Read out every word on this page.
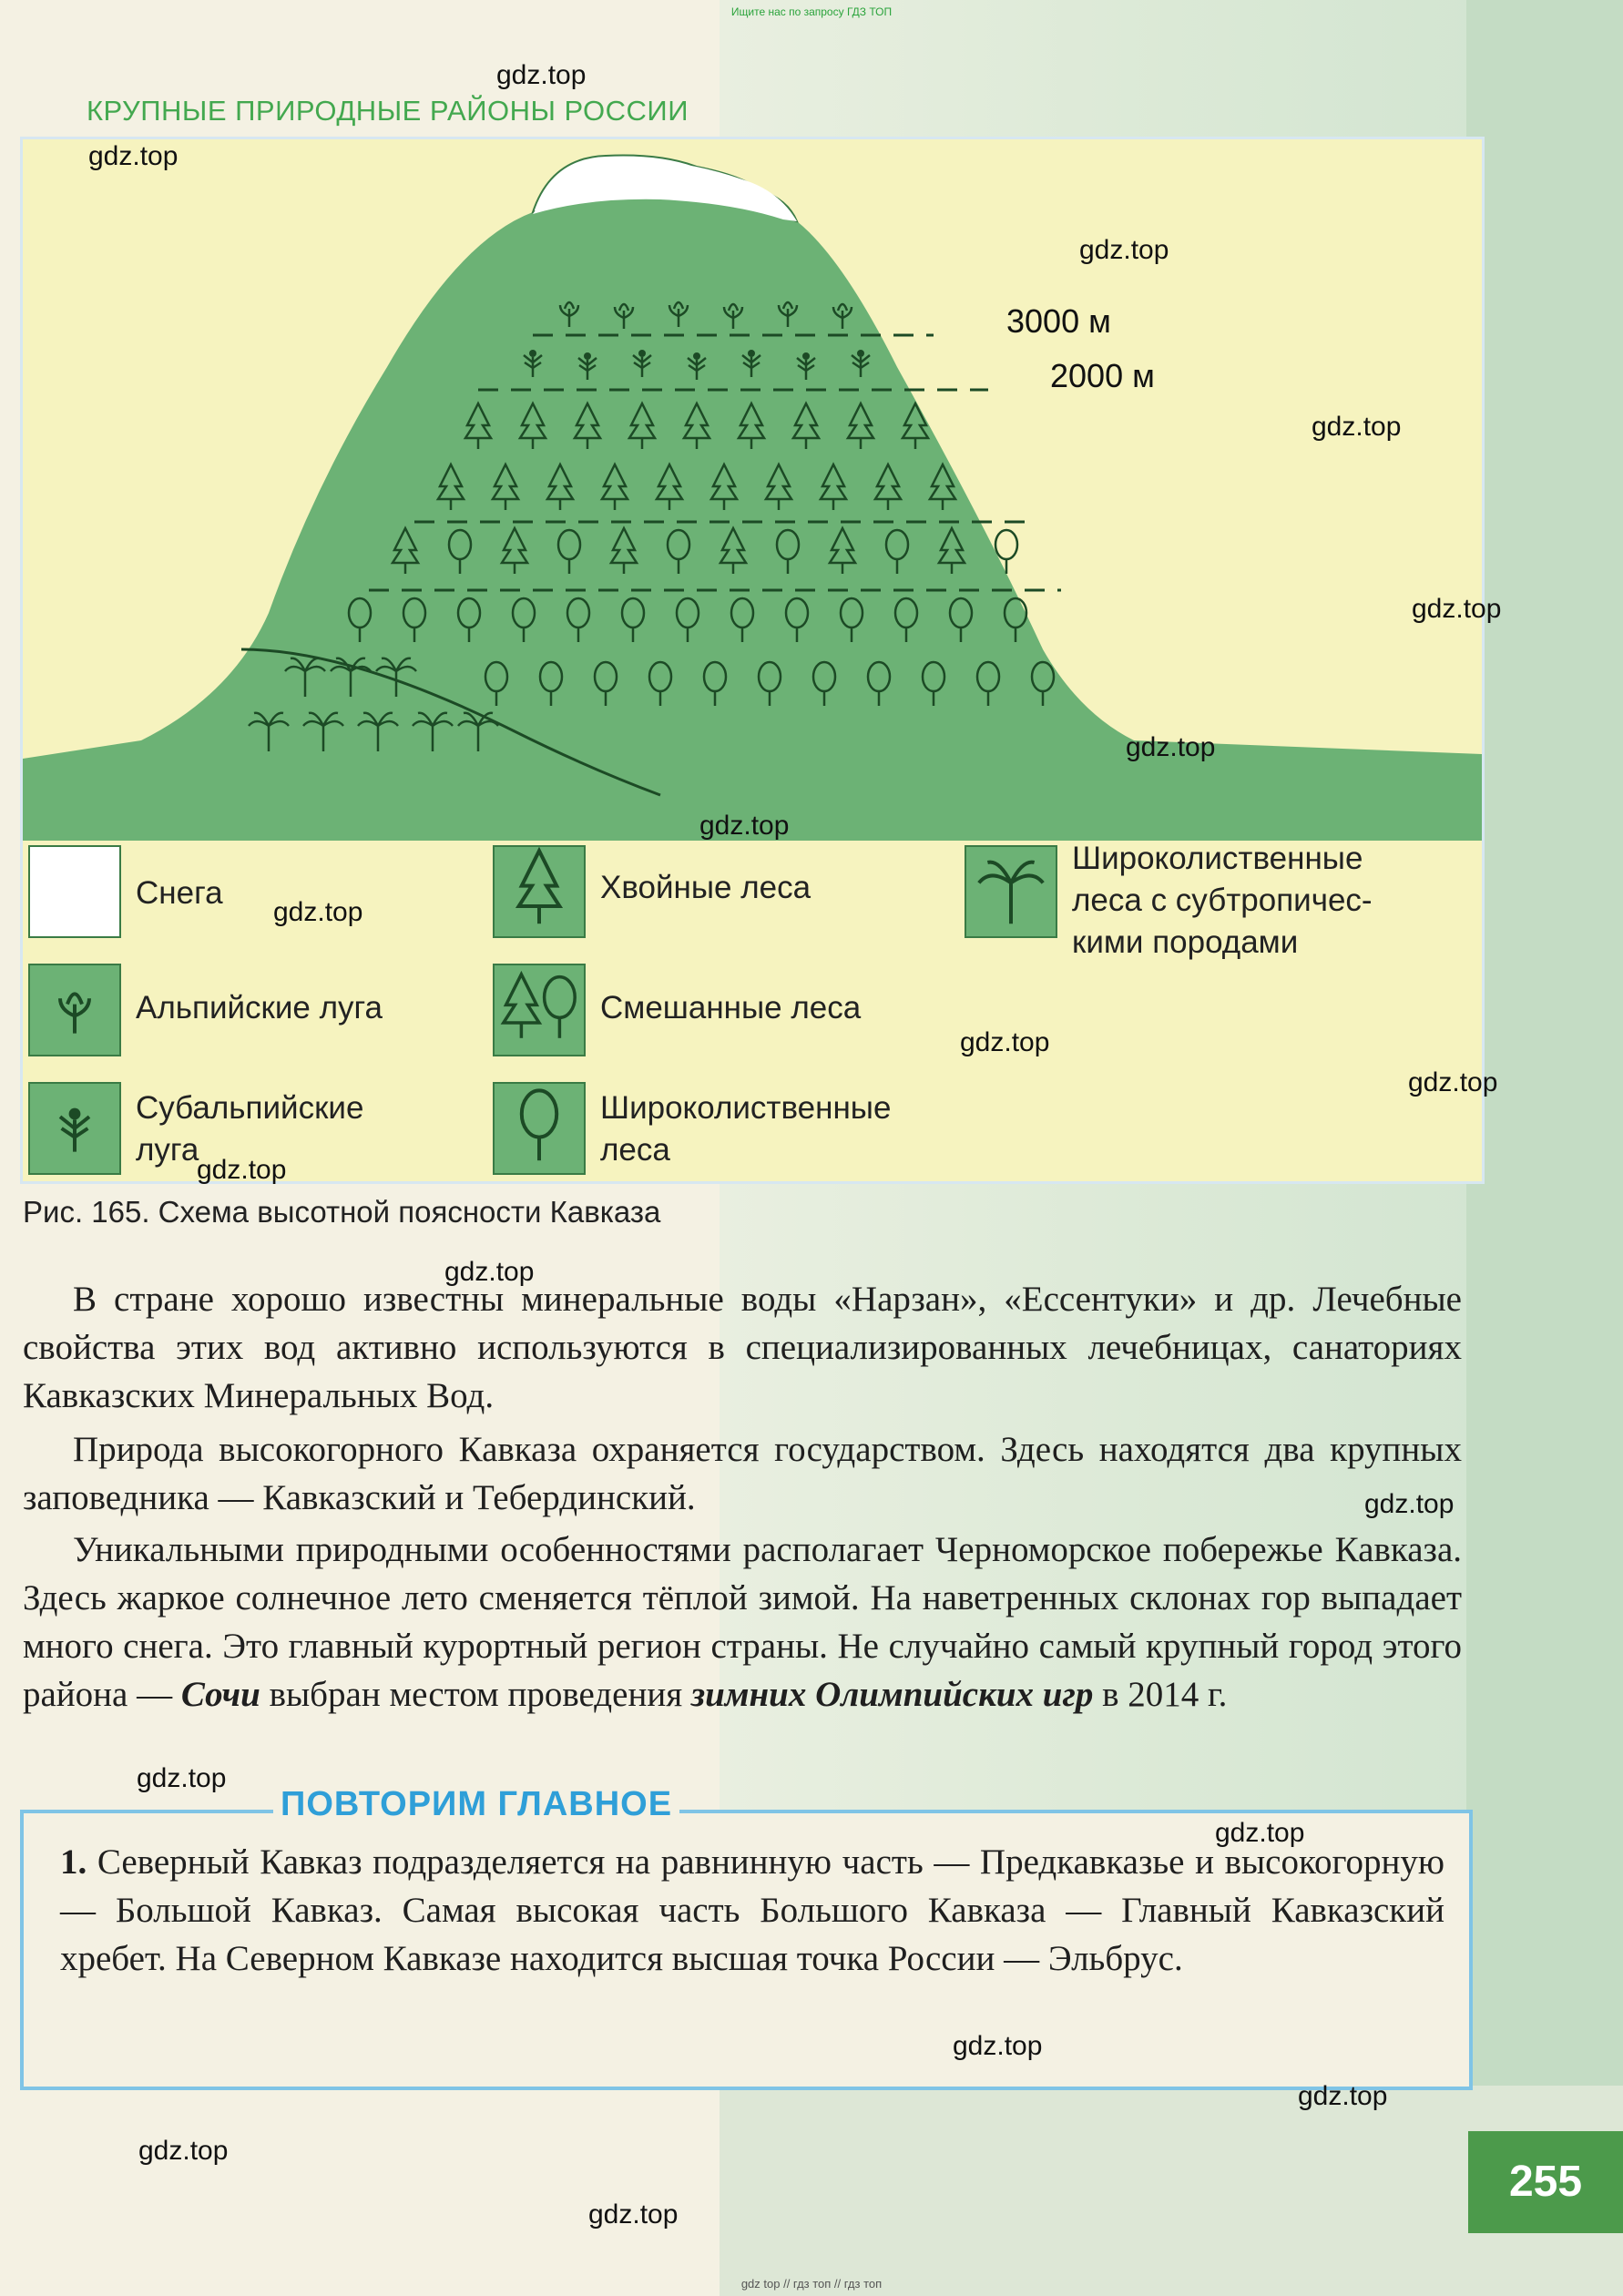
Ищите нас по запросу ГДЗ ТОП
КРУПНЫЕ ПРИРОДНЫЕ РАЙОНЫ РОССИИ
3000 м
2000 м
Снега
Альпийские луга
Субальпийские
луга
Хвойные леса
Смешанные леса
Широколиственные
леса
Широколиственные
леса с субтропичес-
кими породами
Рис. 165. Схема высотной поясности Кавказа
В стране хорошо известны минеральные воды «Нарзан», «Ессентуки» и др. Лечебные свойства этих вод активно используются в специализированных лечебницах, санаториях Кавказских Минеральных Вод.
Природа высокогорного Кавказа охраняется государством. Здесь находятся два крупных заповедника — Кавказский и Тебердинский.
Уникальными природными особенностями располагает Черноморское побережье Кавказа. Здесь жаркое солнечное лето сменяется тёплой зимой. На наветренных склонах гор выпадает много снега. Это главный курортный регион страны. Не случайно самый крупный город этого района — Сочи выбран местом проведения зимних Олимпийских игр в 2014 г.
ПОВТОРИМ ГЛАВНОЕ
1. Северный Кавказ подразделяется на равнинную часть — Предкавказье и высокогорную — Большой Кавказ. Самая высокая часть Большого Кавказа — Главный Кавказский хребет. На Северном Кавказе находится высшая точка России — Эльбрус.
255
gdz.top
gdz.top
gdz.top
gdz.top
gdz.top
gdz.top
gdz.top
gdz.top
gdz.top
gdz.top
gdz.top
gdz.top
gdz.top
gdz.top
gdz.top
gdz.top
gdz.top
gdz.top
gdz.top
gdz top // гдз топ // гдз топ
